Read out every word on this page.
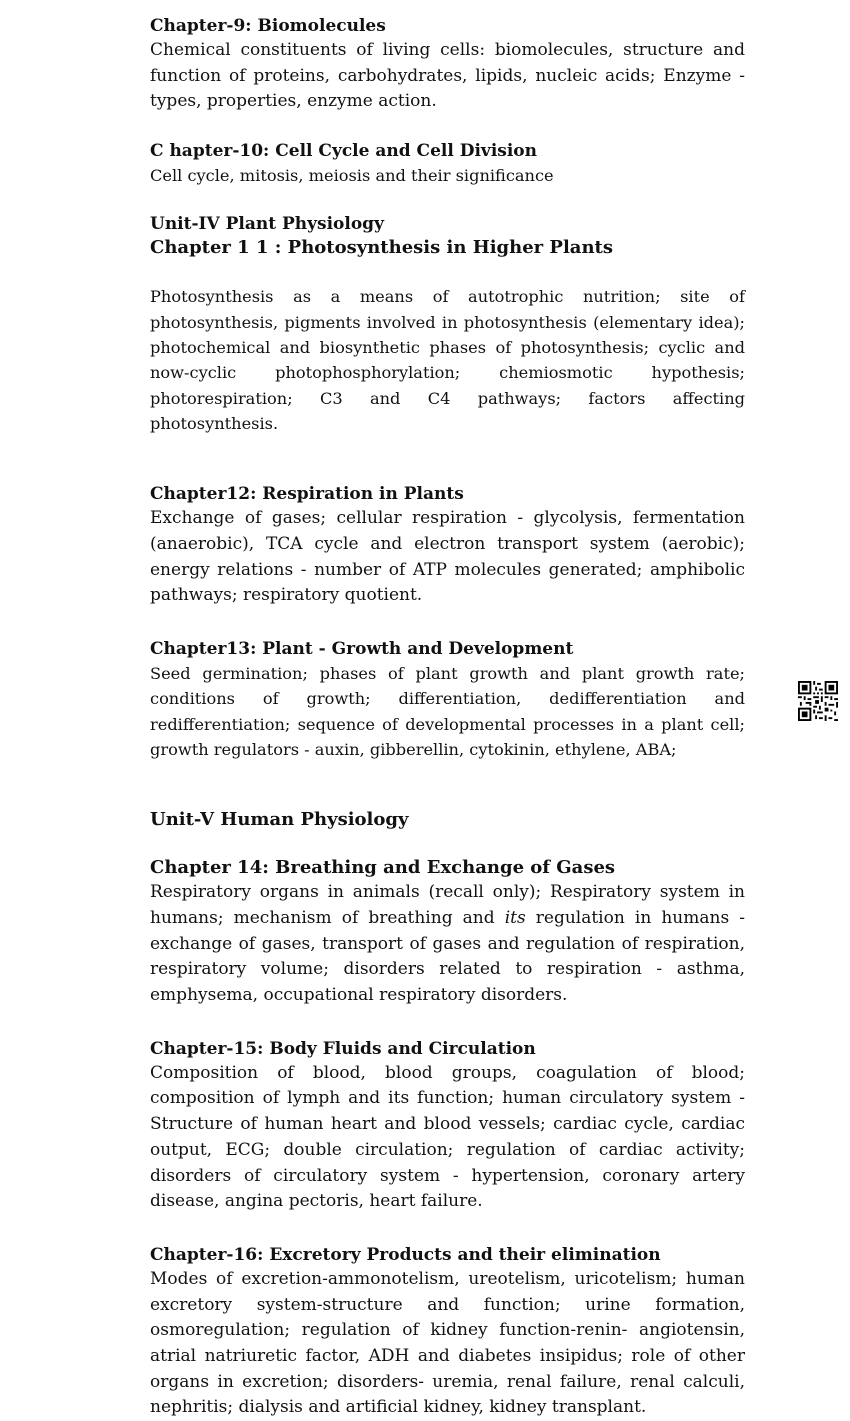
Chapter-9: Biomolecules

Chemical constituents of living cells: biomolecules, structure and function of proteins, carbohydrates, lipids, nucleic acids; Enzyme - types, properties, enzyme action.

C hapter-10: Cell Cycle and Cell Division

Cell cycle, mitosis, meiosis and their significance

Unit-IV Plant Physiology

Chapter 1 1 : Photosynthesis in Higher Plants

Photosynthesis as a means of autotrophic nutrition; site of photosynthesis, pigments involved in photosynthesis (elementary idea); photochemical and biosynthetic phases of photosynthesis; cyclic and now-cyclic photophosphorylation; chemiosmotic hypothesis; photorespiration; C3 and C4 pathways; factors affecting photosynthesis.

Chapter12: Respiration in Plants

Exchange of gases; cellular respiration - glycolysis, fermentation (anaerobic), TCA cycle and electron transport system (aerobic); energy relations - number of ATP molecules generated; amphibolic pathways; respiratory quotient.

Chapter13: Plant - Growth and Development

Seed germination; phases of plant growth and plant growth rate; conditions of growth; differentiation, dedifferentiation and redifferentiation; sequence of developmental processes in a plant cell; growth regulators - auxin, gibberellin, cytokinin, ethylene, ABA;

Unit-V Human Physiology

Chapter 14: Breathing and Exchange of Gases

Respiratory organs in animals (recall only); Respiratory system in humans; mechanism of breathing and its regulation in humans - exchange of gases, transport of gases and regulation of respiration, respiratory volume; disorders related to respiration - asthma, emphysema, occupational respiratory disorders.

Chapter-15: Body Fluids and Circulation

Composition of blood, blood groups, coagulation of blood; composition of lymph and its function; human circulatory system - Structure of human heart and blood vessels; cardiac cycle, cardiac output, ECG; double circulation; regulation of cardiac activity; disorders of circulatory system - hypertension, coronary artery disease, angina pectoris, heart failure.

Chapter-16: Excretory Products and their elimination

Modes of excretion-ammonotelism, ureotelism, uricotelism; human excretory system-structure and function; urine formation, osmoregulation; regulation of kidney function-renin- angiotensin, atrial natriuretic factor, ADH and diabetes insipidus; role of other organs in excretion; disorders- uremia, renal failure, renal calculi, nephritis; dialysis and artificial kidney, kidney transplant.
